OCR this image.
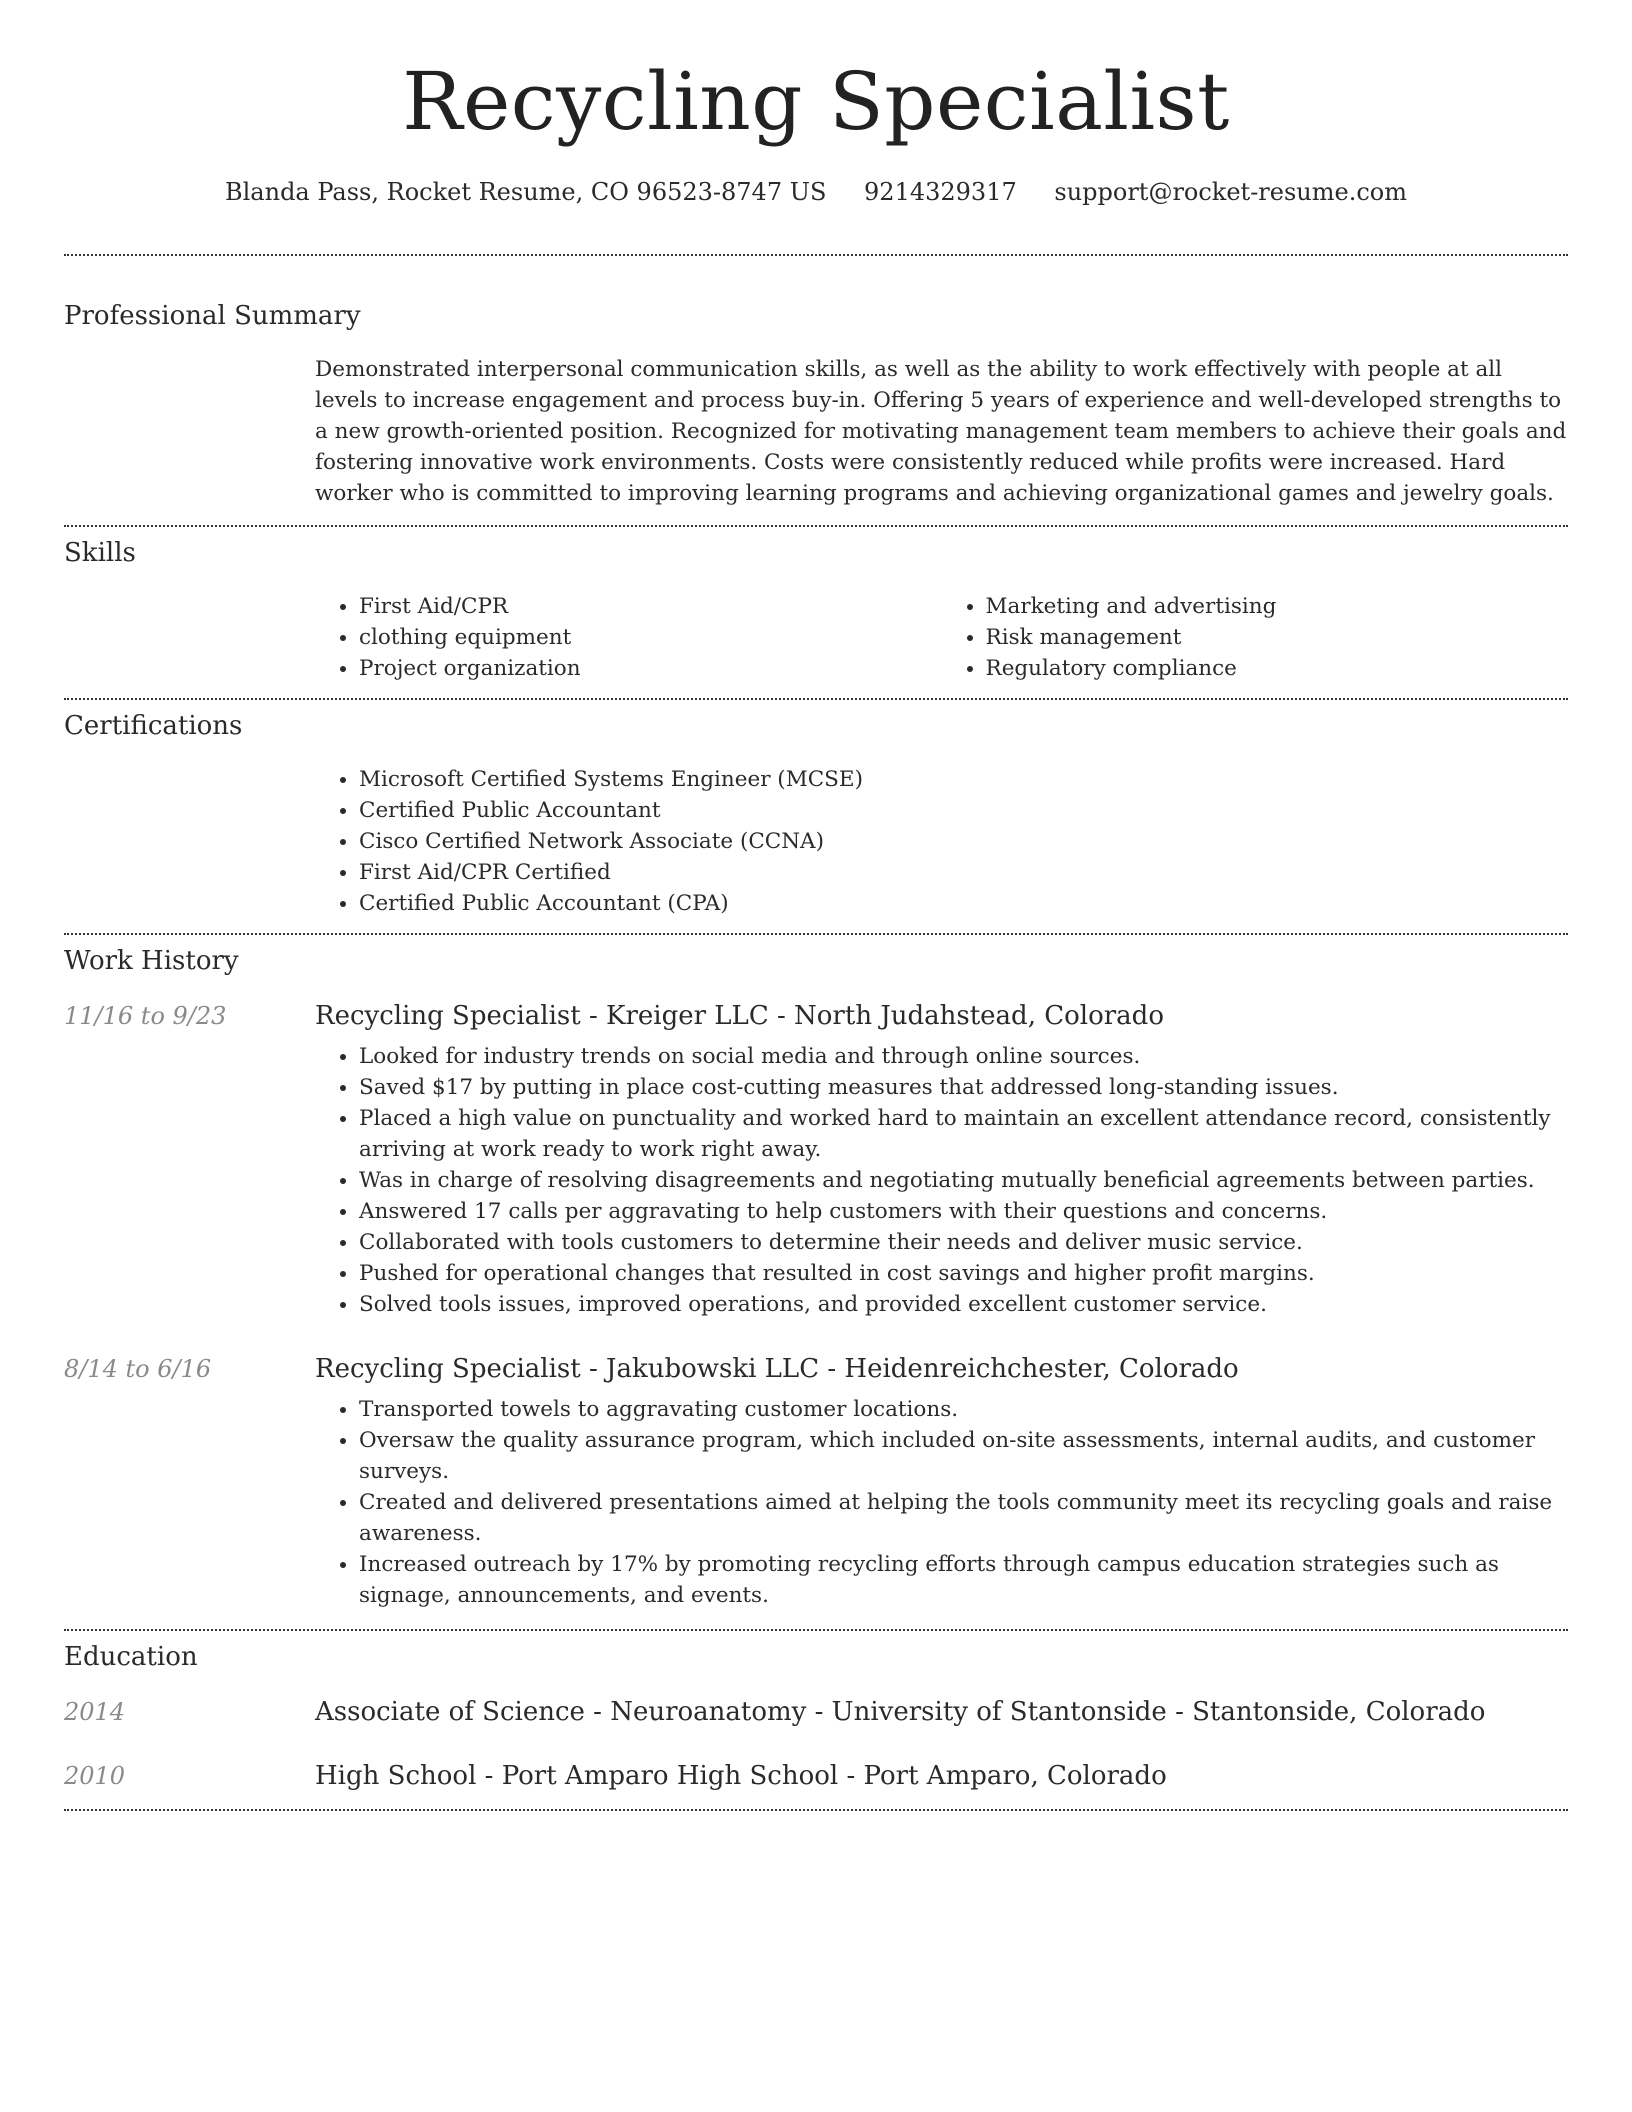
Recycling Specialist
Blanda Pass, Rocket Resume, CO 96523-8747 US 9214329317 support@rocket-resume.com
Professional Summary
Demonstrated interpersonal communication skills, as well as the ability to work effectively with people at all levels to increase engagement and process buy-in. Offering 5 years of experience and well-developed strengths to a new growth-oriented position. Recognized for motivating management team members to achieve their goals and fostering innovative work environments. Costs were consistently reduced while profits were increased. Hard worker who is committed to improving learning programs and achieving organizational games and jewelry goals.
Skills
• First Aid/CPR
• clothing equipment
• Project organization
• Marketing and advertising
• Risk management
• Regulatory compliance
Certifications
• Microsoft Certified Systems Engineer (MCSE)
• Certified Public Accountant
• Cisco Certified Network Associate (CCNA)
• First Aid/CPR Certified
• Certified Public Accountant (CPA)
Work History
11/16 to 9/23	Recycling Specialist - Kreiger LLC - North Judahstead, Colorado
• Looked for industry trends on social media and through online sources.
• Saved $17 by putting in place cost-cutting measures that addressed long-standing issues.
• Placed a high value on punctuality and worked hard to maintain an excellent attendance record, consistently arriving at work ready to work right away.
• Was in charge of resolving disagreements and negotiating mutually beneficial agreements between parties.
• Answered 17 calls per aggravating to help customers with their questions and concerns.
• Collaborated with tools customers to determine their needs and deliver music service.
• Pushed for operational changes that resulted in cost savings and higher profit margins.
• Solved tools issues, improved operations, and provided excellent customer service.
8/14 to 6/16	Recycling Specialist - Jakubowski LLC - Heidenreichchester, Colorado
• Transported towels to aggravating customer locations.
• Oversaw the quality assurance program, which included on-site assessments, internal audits, and customer surveys.
• Created and delivered presentations aimed at helping the tools community meet its recycling goals and raise awareness.
• Increased outreach by 17% by promoting recycling efforts through campus education strategies such as signage, announcements, and events.
Education
2014	Associate of Science - Neuroanatomy - University of Stantonside - Stantonside, Colorado
2010	High School - Port Amparo High School - Port Amparo, Colorado
